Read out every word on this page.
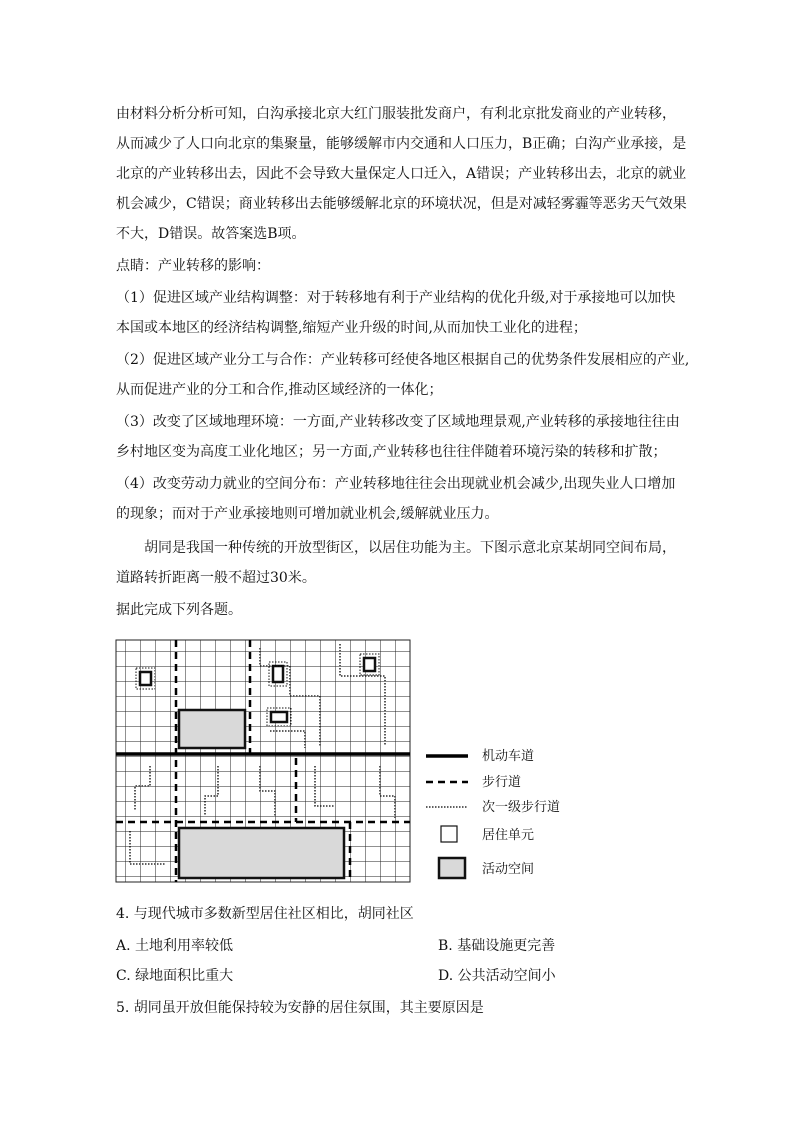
由材料分析分析可知，白沟承接北京大红门服装批发商户，有利北京批发商业的产业转移，
从而减少了人口向北京的集聚量，能够缓解市内交通和人口压力，B正确；白沟产业承接，是
北京的产业转移出去，因此不会导致大量保定人口迁入，A错误；产业转移出去，北京的就业
机会减少，C错误；商业转移出去能够缓解北京的环境状况，但是对减轻雾霾等恶劣天气效果
不大，D错误。故答案选B项。
点睛：产业转移的影响：
（1）促进区域产业结构调整：对于转移地有利于产业结构的优化升级,对于承接地可以加快
本国或本地区的经济结构调整,缩短产业升级的时间,从而加快工业化的进程；
（2）促进区域产业分工与合作：产业转移可经使各地区根据自己的优势条件发展相应的产业,
从而促进产业的分工和合作,推动区域经济的一体化；
（3）改变了区域地理环境：一方面,产业转移改变了区域地理景观,产业转移的承接地往往由
乡村地区变为高度工业化地区；另一方面,产业转移也往往伴随着环境污染的转移和扩散；
（4）改变劳动力就业的空间分布：产业转移地往往会出现就业机会减少,出现失业人口增加
的现象；而对于产业承接地则可增加就业机会,缓解就业压力。
胡同是我国一种传统的开放型街区，以居住功能为主。下图示意北京某胡同空间布局，
道路转折距离一般不超过30米。
据此完成下列各题。
机动车道
步行道
次一级步行道
居住单元
活动空间
4. 与现代城市多数新型居住社区相比，胡同社区
A. 土地利用率较低	B. 基础设施更完善
C. 绿地面积比重大	D. 公共活动空间小
5. 胡同虽开放但能保持较为安静的居住氛围，其主要原因是
